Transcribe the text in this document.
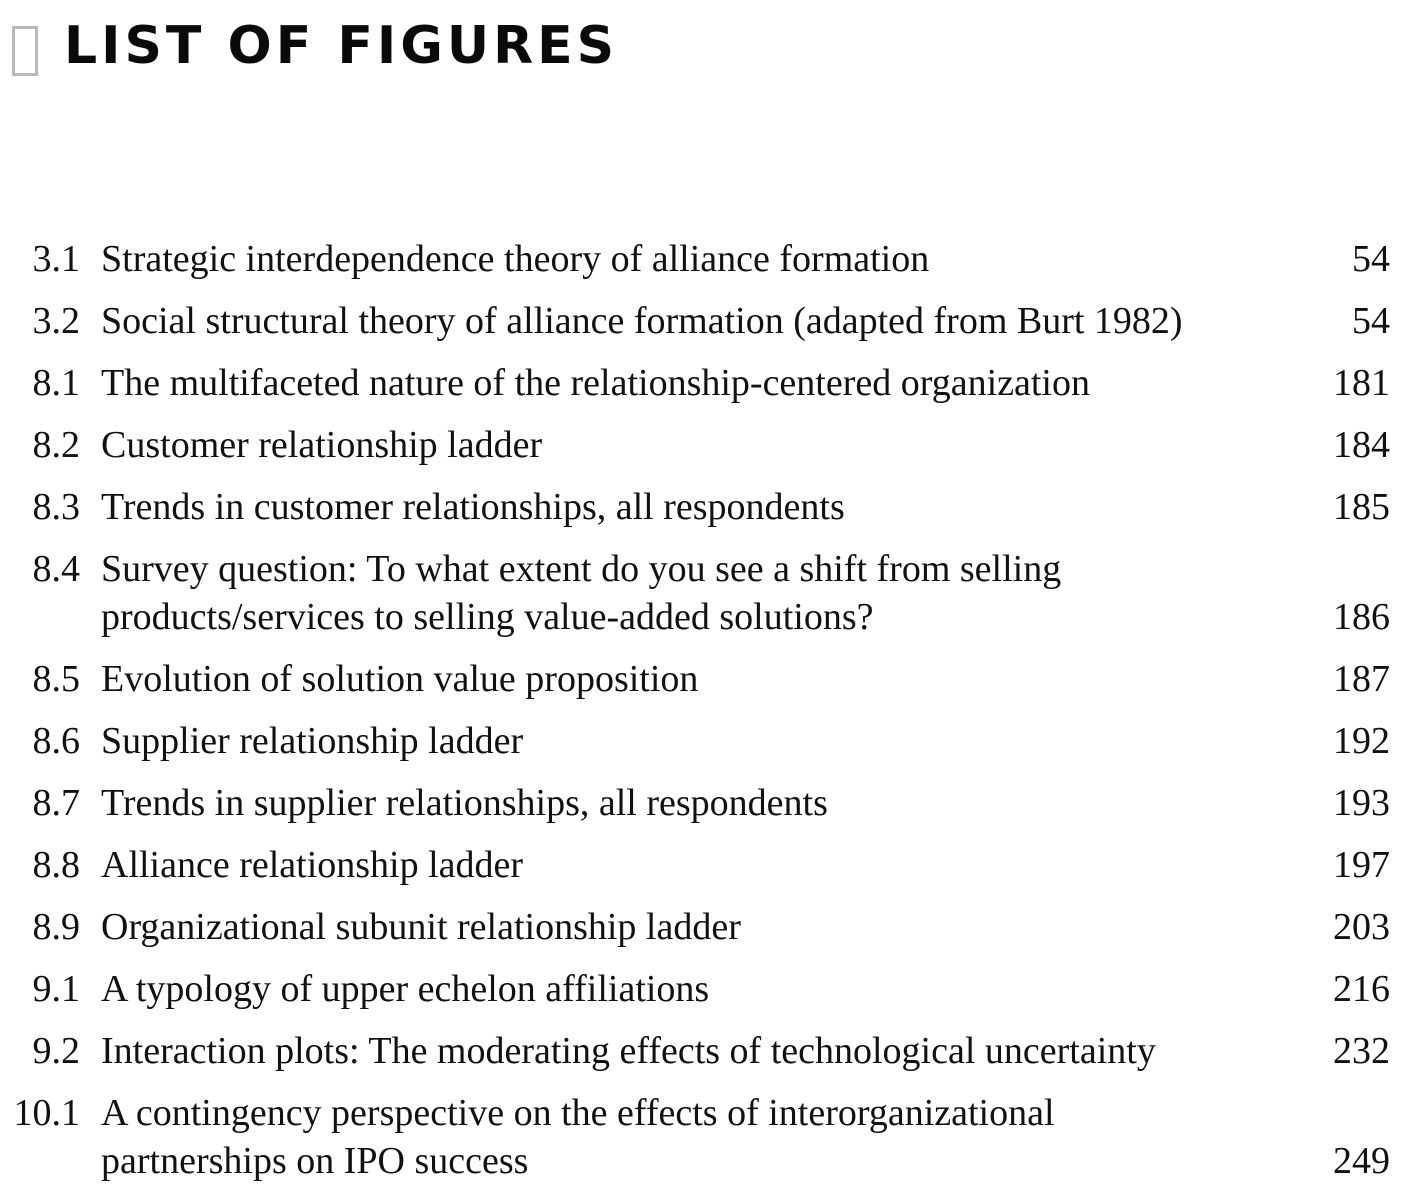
LIST OF FIGURES
3.1 Strategic interdependence theory of alliance formation	54
3.2 Social structural theory of alliance formation (adapted from Burt 1982)	54
8.1 The multifaceted nature of the relationship-centered organization	181
8.2 Customer relationship ladder	184
8.3 Trends in customer relationships, all respondents	185
8.4 Survey question: To what extent do you see a shift from selling
products/services to selling value-added solutions?	186
8.5 Evolution of solution value proposition	187
8.6 Supplier relationship ladder	192
8.7 Trends in supplier relationships, all respondents	193
8.8 Alliance relationship ladder	197
8.9 Organizational subunit relationship ladder	203
9.1 A typology of upper echelon affiliations	216
9.2 Interaction plots: The moderating effects of technological uncertainty	232
10.1 A contingency perspective on the effects of interorganizational
partnerships on IPO success	249
